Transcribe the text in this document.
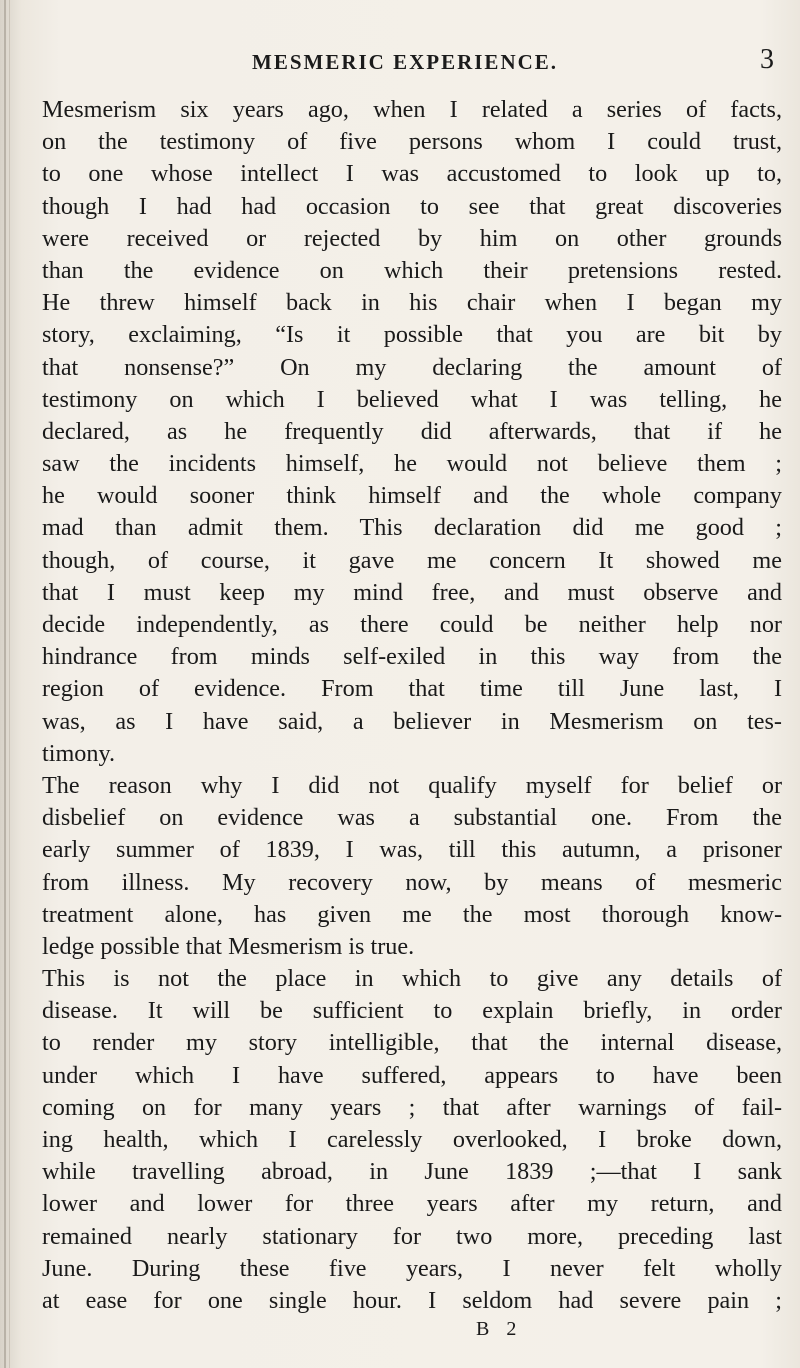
MESMERIC EXPERIENCE.	3
Mesmerism six years ago, when I related a series of facts,
on the testimony of five persons whom I could trust,
to one whose intellect I was accustomed to look up to,
though I had had occasion to see that great discoveries
were received or rejected by him on other grounds
than the evidence on which their pretensions rested.
He threw himself back in his chair when I began my
story, exclaiming, “Is it possible that you are bit by
that nonsense?” On my declaring the amount of
testimony on which I believed what I was telling, he
declared, as he frequently did afterwards, that if he
saw the incidents himself, he would not believe them ;
he would sooner think himself and the whole company
mad than admit them. This declaration did me good ;
though, of course, it gave me concern It showed me
that I must keep my mind free, and must observe and
decide independently, as there could be neither help nor
hindrance from minds self-exiled in this way from the
region of evidence. From that time till June last, I
was, as I have said, a believer in Mesmerism on tes-
timony.
The reason why I did not qualify myself for belief or
disbelief on evidence was a substantial one. From the
early summer of 1839, I was, till this autumn, a prisoner
from illness. My recovery now, by means of mesmeric
treatment alone, has given me the most thorough know-
ledge possible that Mesmerism is true.
This is not the place in which to give any details of
disease. It will be sufficient to explain briefly, in order
to render my story intelligible, that the internal disease,
under which I have suffered, appears to have been
coming on for many years ; that after warnings of fail-
ing health, which I carelessly overlooked, I broke down,
while travelling abroad, in June 1839 ;—that I sank
lower and lower for three years after my return, and
remained nearly stationary for two more, preceding last
June. During these five years, I never felt wholly
at ease for one single hour. I seldom had severe pain ;
B 2
